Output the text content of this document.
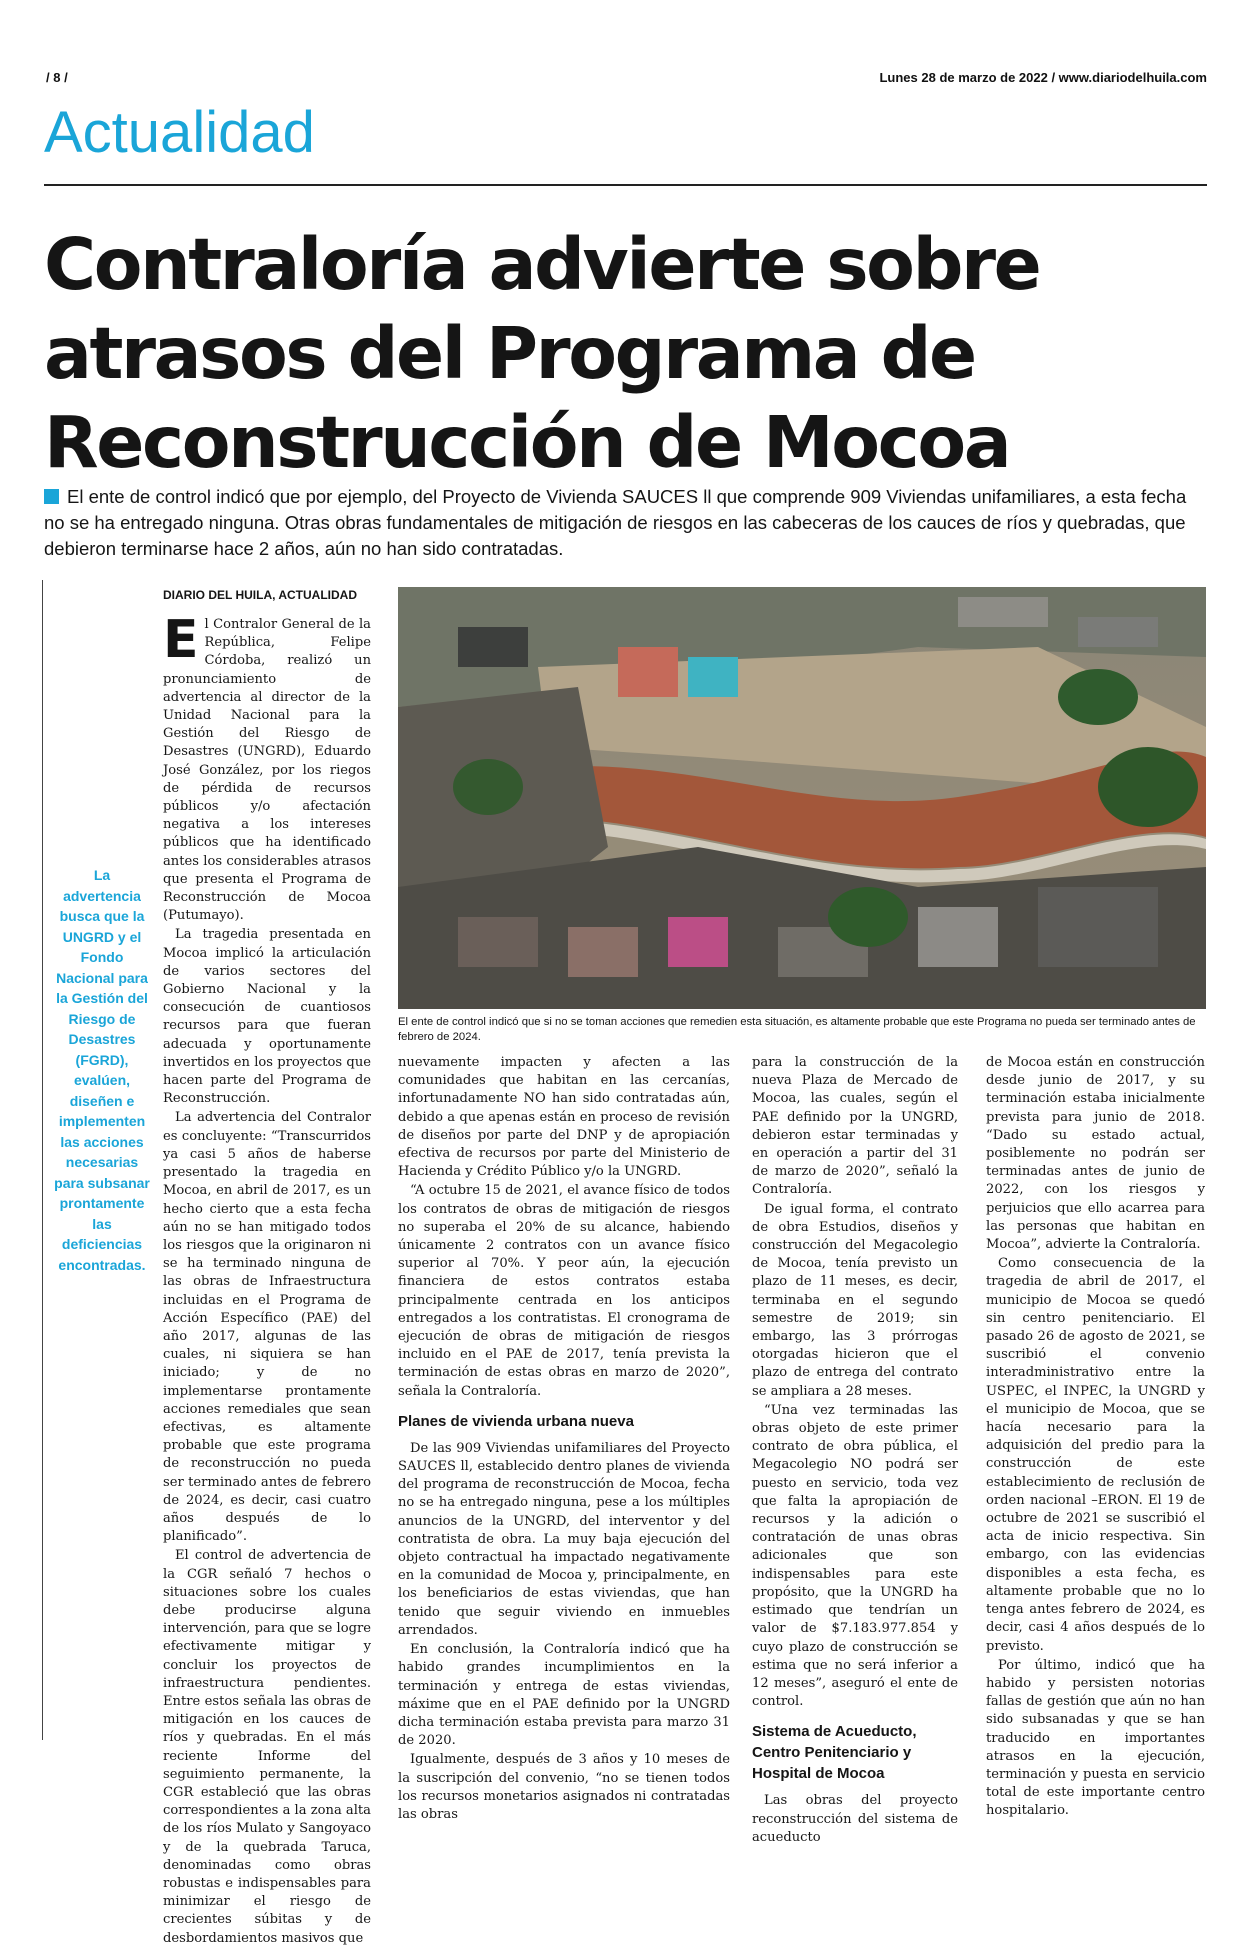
/ 8 /	Lunes 28 de marzo de 2022 / www.diariodelhuila.com
Actualidad
Contraloría advierte sobre
atrasos del Programa de
Reconstrucción de Mocoa
El ente de control indicó que por ejemplo, del Proyecto de Vivienda SAUCES ll que comprende 909 Viviendas unifamiliares, a esta fecha no se ha entregado ninguna. Otras obras fundamentales de mitigación de riesgos en las cabeceras de los cauces de ríos y quebradas, que debieron terminarse hace 2 años, aún no han sido contratadas.
La advertencia busca que la UNGRD y el Fondo Nacional para la Gestión del Riesgo de Desastres (FGRD), evalúen, diseñen e implementen las acciones necesarias para subsanar prontamente las deficiencias encontradas.
DIARIO DEL HUILA, ACTUALIDAD

El Contralor General de la República, Felipe Córdoba, realizó un pronunciamiento de advertencia al director de la Unidad Nacional para la Gestión del Riesgo de Desastres (UNGRD), Eduardo José González, por los riegos de pérdida de recursos públicos y/o afectación negativa a los intereses públicos que ha identificado antes los considerables atrasos que presenta el Programa de Reconstrucción de Mocoa (Putumayo).

La tragedia presentada en Mocoa implicó la articulación de varios sectores del Gobierno Nacional y la consecución de cuantiosos recursos para que fueran adecuada y oportunamente invertidos en los proyectos que hacen parte del Programa de Reconstrucción.

La advertencia del Contralor es concluyente: “Transcurridos ya casi 5 años de haberse presentado la tragedia en Mocoa, en abril de 2017, es un hecho cierto que a esta fecha aún no se han mitigado todos los riesgos que la originaron ni se ha terminado ninguna de las obras de Infraestructura incluidas en el Programa de Acción Específico (PAE) del año 2017, algunas de las cuales, ni siquiera se han iniciado; y de no implementarse prontamente acciones remediales que sean efectivas, es altamente probable que este programa de reconstrucción no pueda ser terminado antes de febrero de 2024, es decir, casi cuatro años después de lo planificado”.

El control de advertencia de la CGR señaló 7 hechos o situaciones sobre los cuales debe producirse alguna intervención, para que se logre efectivamente mitigar y concluir los proyectos de infraestructura pendientes. Entre estos señala las obras de mitigación en los cauces de ríos y quebradas. En el más reciente Informe del seguimiento permanente, la CGR estableció que las obras correspondientes a la zona alta de los ríos Mulato y Sangoyaco y de la quebrada Taruca, denominadas como obras robustas e indispensables para minimizar el riesgo de crecientes súbitas y de desbordamientos masivos que

El ente de control indicó que si no se toman acciones que remedien esta situación, es altamente probable que este Programa no pueda ser terminado antes de febrero de 2024.

nuevamente impacten y afecten a las comunidades que habitan en las cercanías, infortunadamente NO han sido contratadas aún, debido a que apenas están en proceso de revisión de diseños por parte del DNP y de apropiación efectiva de recursos por parte del Ministerio de Hacienda y Crédito Público y/o la UNGRD.

“A octubre 15 de 2021, el avance físico de todos los contratos de obras de mitigación de riesgos no superaba el 20% de su alcance, habiendo únicamente 2 contratos con un avance físico superior al 70%. Y peor aún, la ejecución financiera de estos contratos estaba principalmente centrada en los anticipos entregados a los contratistas. El cronograma de ejecución de obras de mitigación de riesgos incluido en el PAE de 2017, tenía prevista la terminación de estas obras en marzo de 2020”, señala la Contraloría.

Planes de vivienda urbana nueva

De las 909 Viviendas unifamiliares del Proyecto SAUCES ll, establecido dentro planes de vivienda del programa de reconstrucción de Mocoa, fecha no se ha entregado ninguna, pese a los múltiples anuncios de la UNGRD, del interventor y del contratista de obra. La muy baja ejecución del objeto contractual ha impactado negativamente en la comunidad de Mocoa y, principalmente, en los beneficiarios de estas viviendas, que han tenido que seguir viviendo en inmuebles arrendados.

En conclusión, la Contraloría indicó que ha habido grandes incumplimientos en la terminación y entrega de estas viviendas, máxime que en el PAE definido por la UNGRD dicha terminación estaba prevista para marzo 31 de 2020.

Igualmente, después de 3 años y 10 meses de la suscripción del convenio, “no se tienen todos los recursos monetarios asignados ni contratadas las obras

para la construcción de la nueva Plaza de Mercado de Mocoa, las cuales, según el PAE definido por la UNGRD, debieron estar terminadas y en operación a partir del 31 de marzo de 2020”, señaló la Contraloría.

De igual forma, el contrato de obra Estudios, diseños y construcción del Megacolegio de Mocoa, tenía previsto un plazo de 11 meses, es decir, terminaba en el segundo semestre de 2019; sin embargo, las 3 prórrogas otorgadas hicieron que el plazo de entrega del contrato se ampliara a 28 meses.

“Una vez terminadas las obras objeto de este primer contrato de obra pública, el Megacolegio NO podrá ser puesto en servicio, toda vez que falta la apropiación de recursos y la adición o contratación de unas obras adicionales que son indispensables para este propósito, que la UNGRD ha estimado que tendrían un valor de $7.183.977.854 y cuyo plazo de construcción se estima que no será inferior a 12 meses”, aseguró el ente de control.

Sistema de Acueducto, Centro Penitenciario y Hospital de Mocoa

Las obras del proyecto reconstrucción del sistema de acueducto

de Mocoa están en construcción desde junio de 2017, y su terminación estaba inicialmente prevista para junio de 2018. “Dado su estado actual, posiblemente no podrán ser terminadas antes de junio de 2022, con los riesgos y perjuicios que ello acarrea para las personas que habitan en Mocoa”, advierte la Contraloría.

Como consecuencia de la tragedia de abril de 2017, el municipio de Mocoa se quedó sin centro penitenciario. El pasado 26 de agosto de 2021, se suscribió el convenio interadministrativo entre la USPEC, el INPEC, la UNGRD y el municipio de Mocoa, que se hacía necesario para la adquisición del predio para la construcción de este establecimiento de reclusión de orden nacional –ERON. El 19 de octubre de 2021 se suscribió el acta de inicio respectiva. Sin embargo, con las evidencias disponibles a esta fecha, es altamente probable que no lo tenga antes febrero de 2024, es decir, casi 4 años después de lo previsto.

Por último, indicó que ha habido y persisten notorias fallas de gestión que aún no han sido subsanadas y que se han traducido en importantes atrasos en la ejecución, terminación y puesta en servicio total de este importante centro hospitalario.
